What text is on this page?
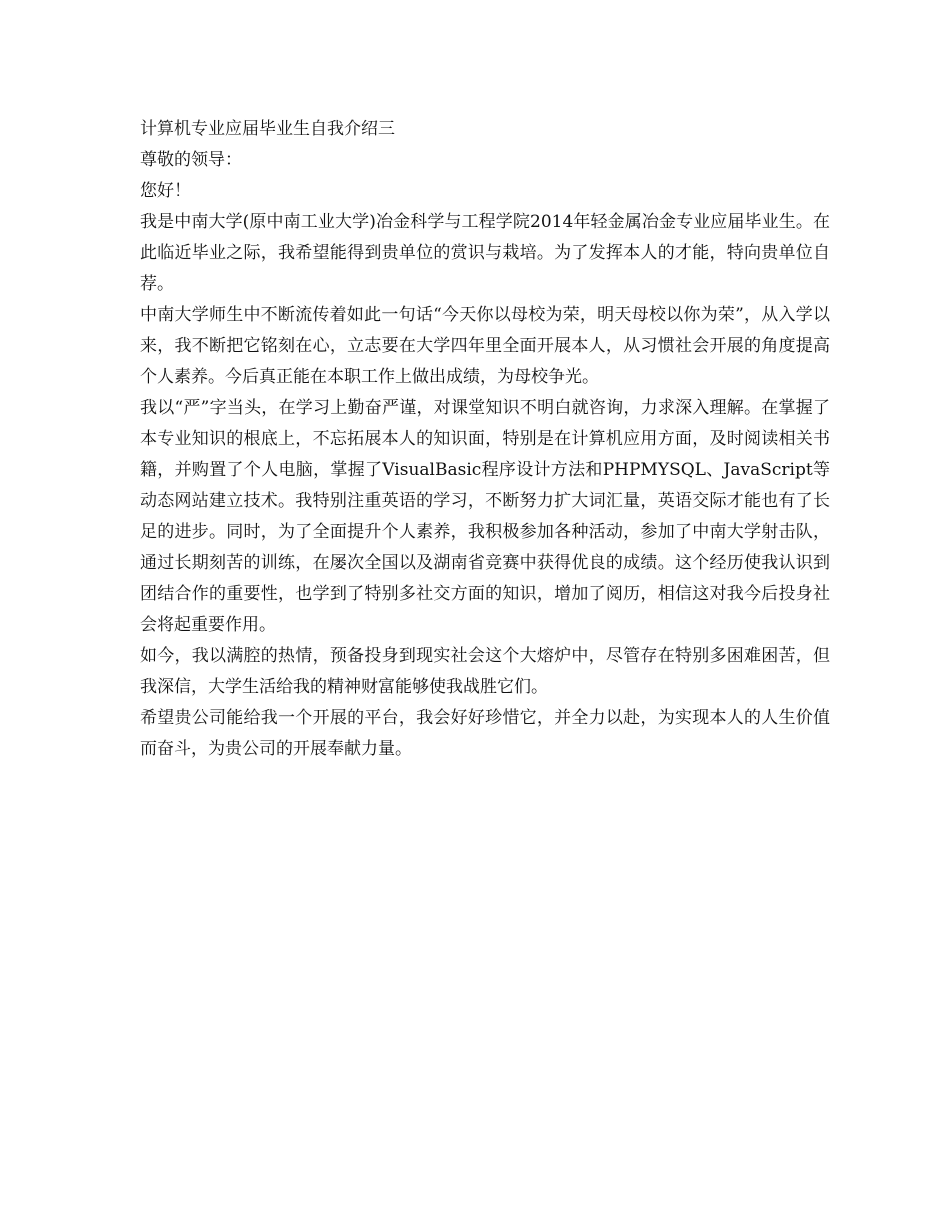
计算机专业应届毕业生自我介绍三

尊敬的领导：

您好！

我是中南大学(原中南工业大学)冶金科学与工程学院2014年轻金属冶金专业应届毕业生。在此临近毕业之际，我希望能得到贵单位的赏识与栽培。为了发挥本人的才能，特向贵单位自荐。

中南大学师生中不断流传着如此一句话“今天你以母校为荣，明天母校以你为荣”，从入学以来，我不断把它铭刻在心，立志要在大学四年里全面开展本人，从习惯社会开展的角度提高个人素养。今后真正能在本职工作上做出成绩，为母校争光。

我以“严”字当头，在学习上勤奋严谨，对课堂知识不明白就咨询，力求深入理解。在掌握了本专业知识的根底上，不忘拓展本人的知识面，特别是在计算机应用方面，及时阅读相关书籍，并购置了个人电脑，掌握了VisualBasic程序设计方法和PHPMYSQL、JavaScript等动态网站建立技术。我特别注重英语的学习，不断努力扩大词汇量，英语交际才能也有了长足的进步。同时，为了全面提升个人素养，我积极参加各种活动，参加了中南大学射击队，通过长期刻苦的训练，在屡次全国以及湖南省竞赛中获得优良的成绩。这个经历使我认识到团结合作的重要性，也学到了特别多社交方面的知识，增加了阅历，相信这对我今后投身社会将起重要作用。

如今，我以满腔的热情，预备投身到现实社会这个大熔炉中，尽管存在特别多困难困苦，但我深信，大学生活给我的精神财富能够使我战胜它们。

希望贵公司能给我一个开展的平台，我会好好珍惜它，并全力以赴，为实现本人的人生价值而奋斗，为贵公司的开展奉献力量。
